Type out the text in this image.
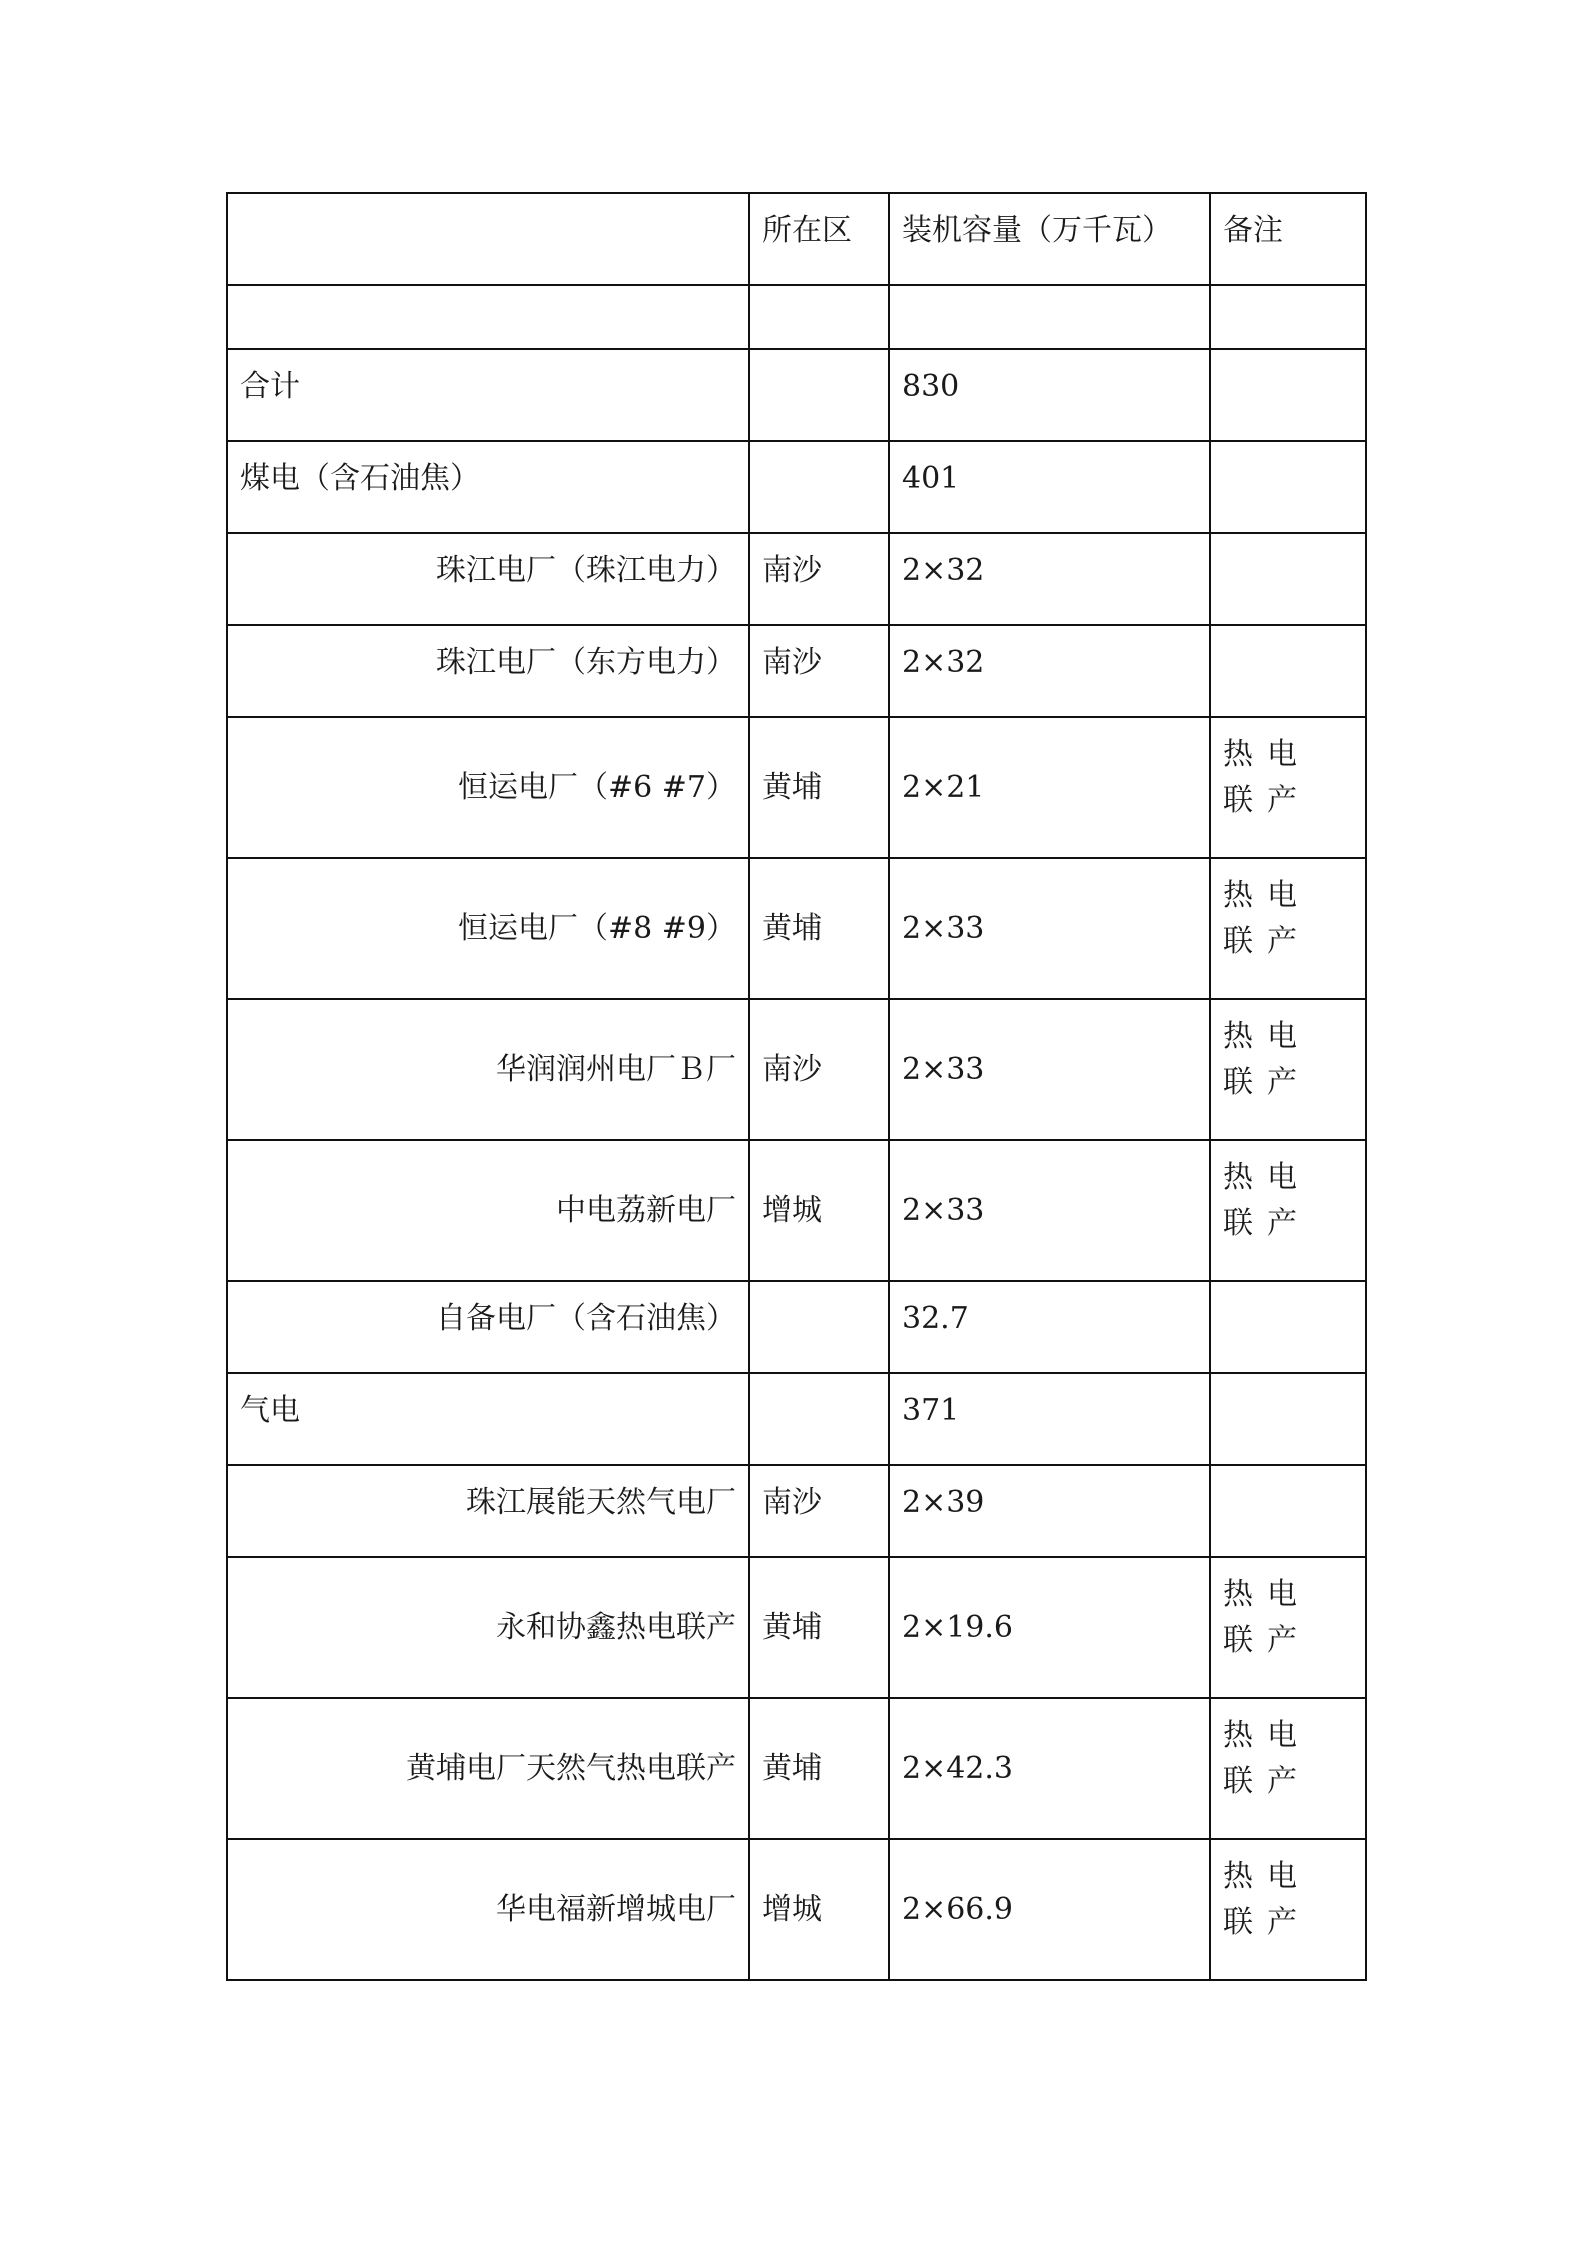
	所在区	装机容量（万千瓦）	备注

合计		830	

煤电（含石油焦）		401	

珠江电厂（珠江电力）	南沙	2×32	

珠江电厂（东方电力）	南沙	2×32	

恒运电厂（#6 #7）	黄埔	2×21	热电联产

恒运电厂（#8 #9）	黄埔	2×33	热电联产

华润润州电厂Ｂ厂	南沙	2×33	热电联产

中电荔新电厂	增城	2×33	热电联产

自备电厂（含石油焦）		32.7	

气电		371	

珠江展能天然气电厂	南沙	2×39	

永和协鑫热电联产	黄埔	2×19.6	热电联产

黄埔电厂天然气热电联产	黄埔	2×42.3	热电联产

华电福新增城电厂	增城	2×66.9	热电联产
